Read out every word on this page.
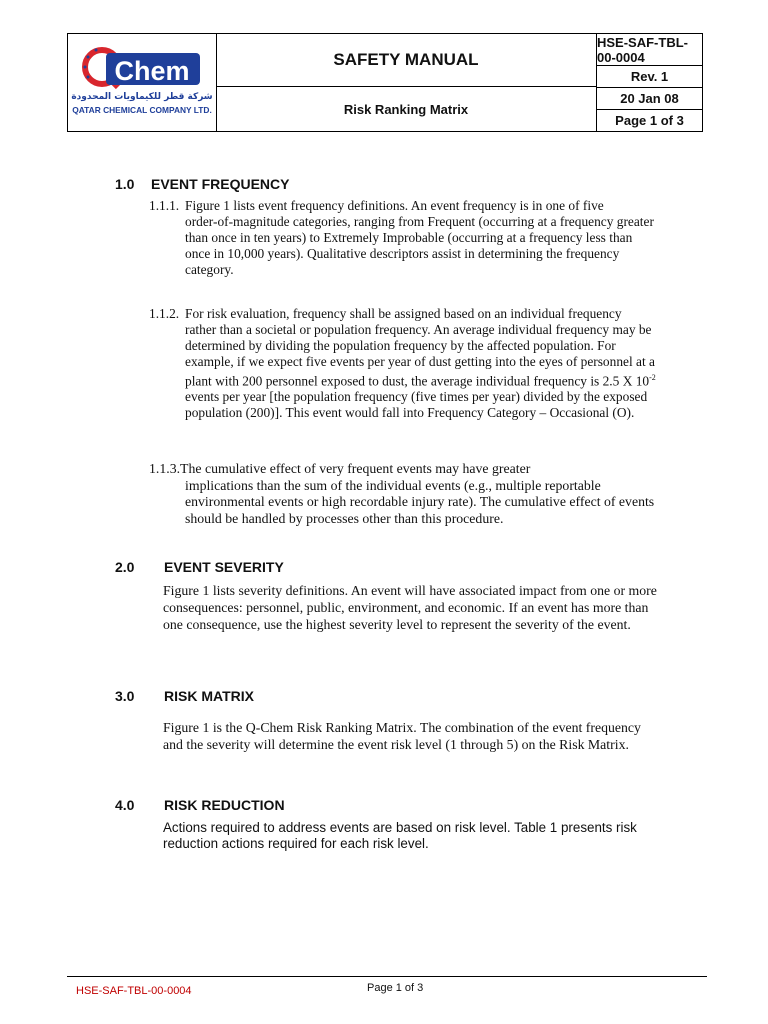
Chem
شركة قطر للكيماويات المحدودة
QATAR CHEMICAL COMPANY LTD.
SAFETY MANUAL
Risk Ranking Matrix
HSE-SAF-TBL-00-0004
Rev. 1
20 Jan 08
Page 1 of 3
1.0 EVENT FREQUENCY
1.1.1. Figure 1 lists event frequency definitions. An event frequency is in one of five
order-of-magnitude categories, ranging from Frequent (occurring at a frequency greater than once in ten years) to Extremely Improbable (occurring at a frequency less than once in 10,000 years). Qualitative descriptors assist in determining the frequency category.
1.1.2. For risk evaluation, frequency shall be assigned based on an individual frequency
rather than a societal or population frequency. An average individual frequency may be determined by dividing the population frequency by the affected population. For example, if we expect five events per year of dust getting into the eyes of personnel at a plant with 200 personnel exposed to dust, the average individual frequency is 2.5 X $10^{-2}$ events per year [the population frequency (five times per year) divided by the exposed population (200)]. This event would fall into Frequency Category – Occasional (O).
1.1.3.The cumulative effect of very frequent events may have greater
implications than the sum of the individual events (e.g., multiple reportable environmental events or high recordable injury rate). The cumulative effect of events should be handled by processes other than this procedure.
2.0 EVENT SEVERITY
Figure 1 lists severity definitions. An event will have associated impact from one or more consequences: personnel, public, environment, and economic. If an event has more than one consequence, use the highest severity level to represent the severity of the event.
3.0 RISK MATRIX
Figure 1 is the Q-Chem Risk Ranking Matrix. The combination of the event frequency and the severity will determine the event risk level (1 through 5) on the Risk Matrix.
4.0 RISK REDUCTION
Actions required to address events are based on risk level. Table 1 presents risk reduction actions required for each risk level.
HSE-SAF-TBL-00-0004	Page 1 of 3
